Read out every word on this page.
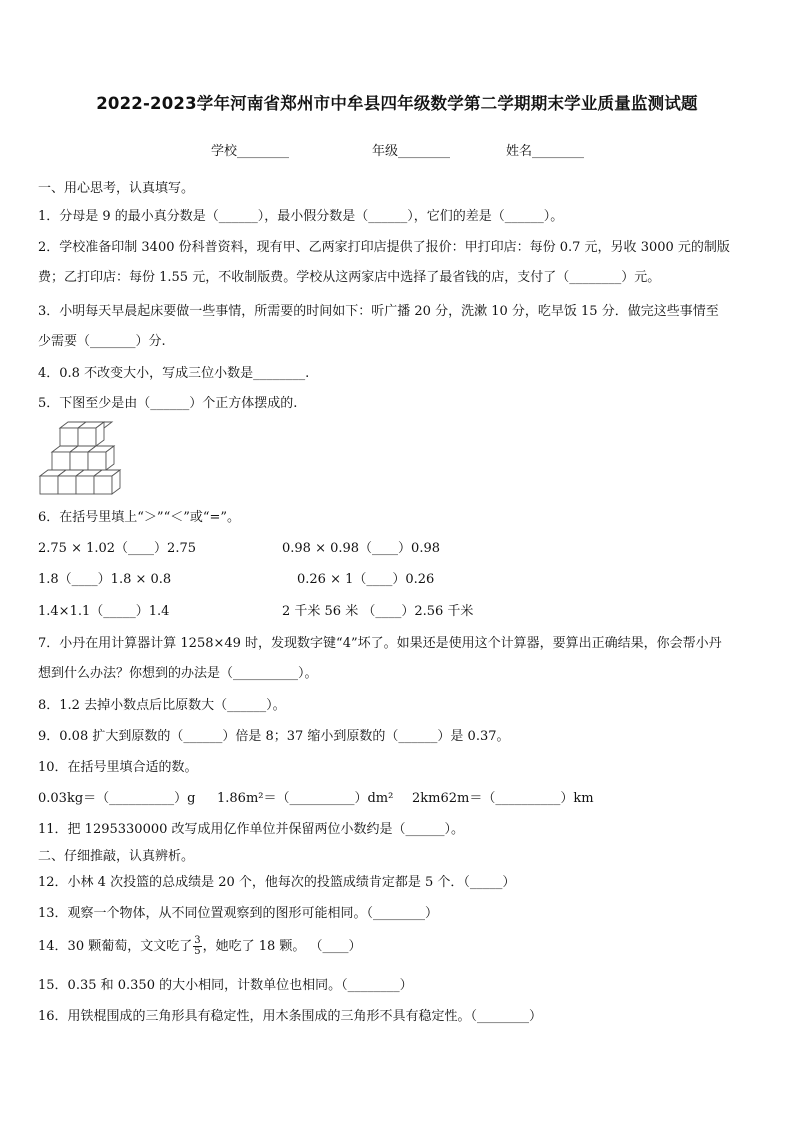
2022-2023学年河南省郑州市中牟县四年级数学第二学期期末学业质量监测试题
学校________	年级________	姓名________
一、用心思考，认真填写。
1．分母是 9 的最小真分数是（______），最小假分数是（______），它们的差是（______）。
2．学校准备印制 3400 份科普资料，现有甲、乙两家打印店提供了报价：甲打印店：每份 0.7 元，另收 3000 元的制版
费；乙打印店：每份 1.55 元，不收制版费。学校从这两家店中选择了最省钱的店，支付了（________）元。
3．小明每天早晨起床要做一些事情，所需要的时间如下：听广播 20 分，洗漱 10 分，吃早饭 15 分．做完这些事情至
少需要（_______）分.
4．0.8 不改变大小，写成三位小数是________.
5．下图至少是由（______）个正方体摆成的.
6．在括号里填上“＞”“＜”或“=”。
2.75 × 1.02（____）2.75	0.98 × 0.98（____）0.98
1.8（____）1.8 × 0.8	0.26 × 1（____）0.26
1.4×1.1（_____）1.4	2 千米 56 米 （____）2.56 千米
7．小丹在用计算器计算 1258×49 时，发现数字键“4”坏了。如果还是使用这个计算器，要算出正确结果，你会帮小丹
想到什么办法？你想到的办法是（__________）。
8．1.2 去掉小数点后比原数大（______）。
9．0.08 扩大到原数的（______）倍是 8；37 缩小到原数的（______）是 0.37。
10．在括号里填合适的数。
0.03kg＝（__________）g 1.86m²＝（__________）dm² 2km62m＝（__________）km
11．把 1295330000 改写成用亿作单位并保留两位小数约是（______）。
二、仔细推敲，认真辨析。
12．小林 4 次投篮的总成绩是 20 个，他每次的投篮成绩肯定都是 5 个．（_____）
13．观察一个物体，从不同位置观察到的图形可能相同。（________）
14．30 颗葡萄，文文吃了 $\frac{3}{5}$ ，她吃了 18 颗。 （____）
15．0.35 和 0.350 的大小相同，计数单位也相同。（________）
16．用铁棍围成的三角形具有稳定性，用木条围成的三角形不具有稳定性。（________）
